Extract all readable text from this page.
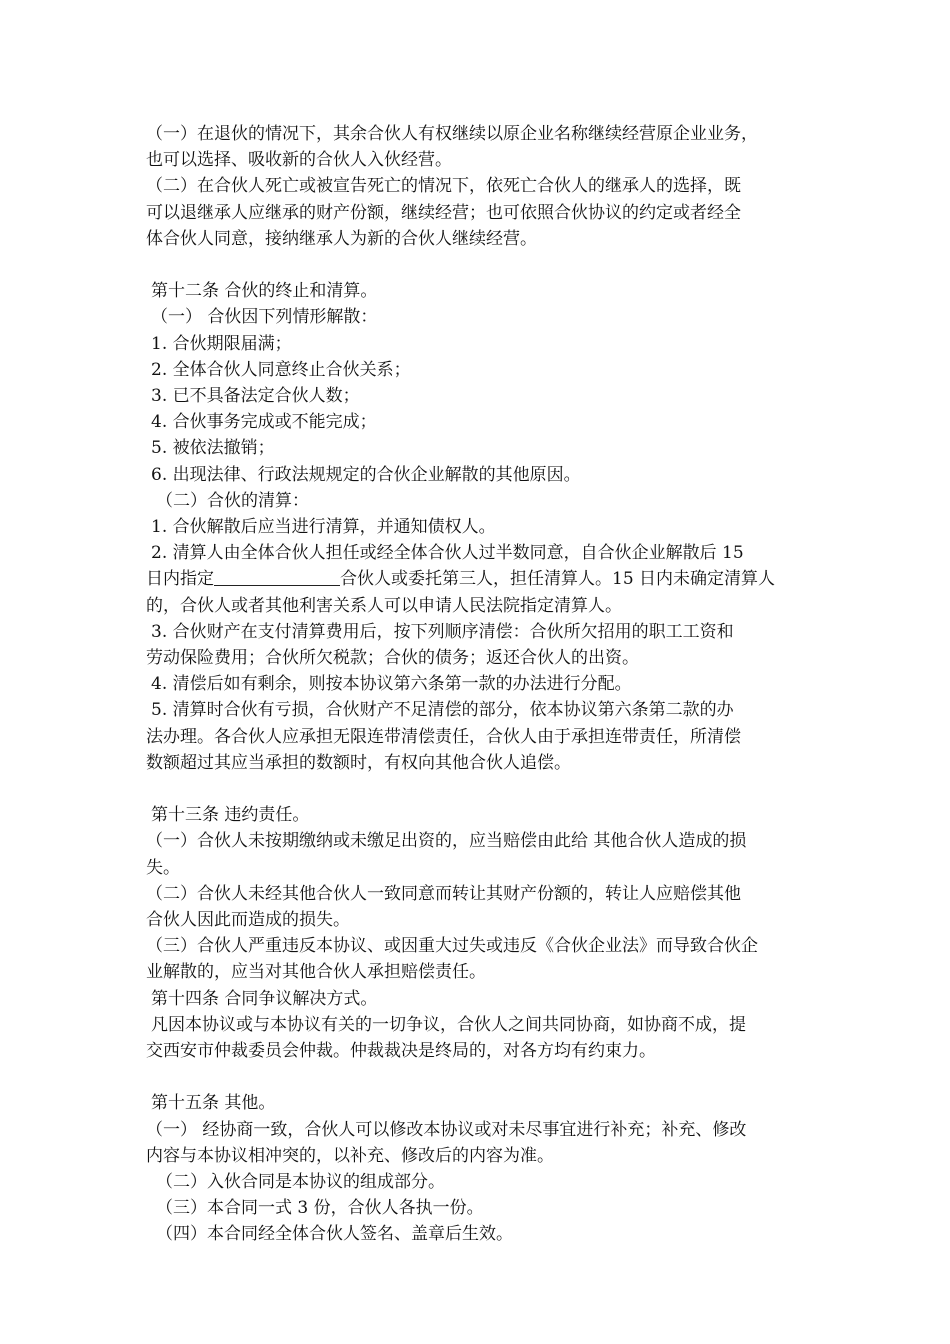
（一）在退伙的情况下，其余合伙人有权继续以原企业名称继续经营原企业业务，

也可以选择、吸收新的合伙人入伙经营。

（二）在合伙人死亡或被宣告死亡的情况下，依死亡合伙人的继承人的选择，既

可以退继承人应继承的财产份额，继续经营；也可依照合伙协议的约定或者经全

体合伙人同意，接纳继承人为新的合伙人继续经营。

第十二条 合伙的终止和清算。

（一） 合伙因下列情形解散：

1. 合伙期限届满；

2. 全体合伙人同意终止合伙关系；

3. 已不具备法定合伙人数；

4. 合伙事务完成或不能完成；

5. 被依法撤销；

6. 出现法律、行政法规规定的合伙企业解散的其他原因。

（二）合伙的清算：

1. 合伙解散后应当进行清算，并通知债权人。

2. 清算人由全体合伙人担任或经全体合伙人过半数同意，自合伙企业解散后 15

日内指定	合伙人或委托第三人，担任清算人。15 日内未确定清算人

的，合伙人或者其他利害关系人可以申请人民法院指定清算人。

3. 合伙财产在支付清算费用后，按下列顺序清偿：合伙所欠招用的职工工资和

劳动保险费用；合伙所欠税款；合伙的债务；返还合伙人的出资。

4. 清偿后如有剩余，则按本协议第六条第一款的办法进行分配。

5. 清算时合伙有亏损，合伙财产不足清偿的部分，依本协议第六条第二款的办

法办理。各合伙人应承担无限连带清偿责任，合伙人由于承担连带责任，所清偿

数额超过其应当承担的数额时，有权向其他合伙人追偿。

第十三条 违约责任。

（一）合伙人未按期缴纳或未缴足出资的，应当赔偿由此给 其他合伙人造成的损

失。

（二）合伙人未经其他合伙人一致同意而转让其财产份额的，转让人应赔偿其他

合伙人因此而造成的损失。

（三）合伙人严重违反本协议、或因重大过失或违反《合伙企业法》而导致合伙企

业解散的，应当对其他合伙人承担赔偿责任。

第十四条 合同争议解决方式。

凡因本协议或与本协议有关的一切争议，合伙人之间共同协商，如协商不成，提

交西安市仲裁委员会仲裁。仲裁裁决是终局的，对各方均有约束力。

第十五条 其他。

（一） 经协商一致，合伙人可以修改本协议或对未尽事宜进行补充；补充、修改

内容与本协议相冲突的，以补充、修改后的内容为准。

（二）入伙合同是本协议的组成部分。

（三）本合同一式 3 份，合伙人各执一份。

（四）本合同经全体合伙人签名、盖章后生效。
